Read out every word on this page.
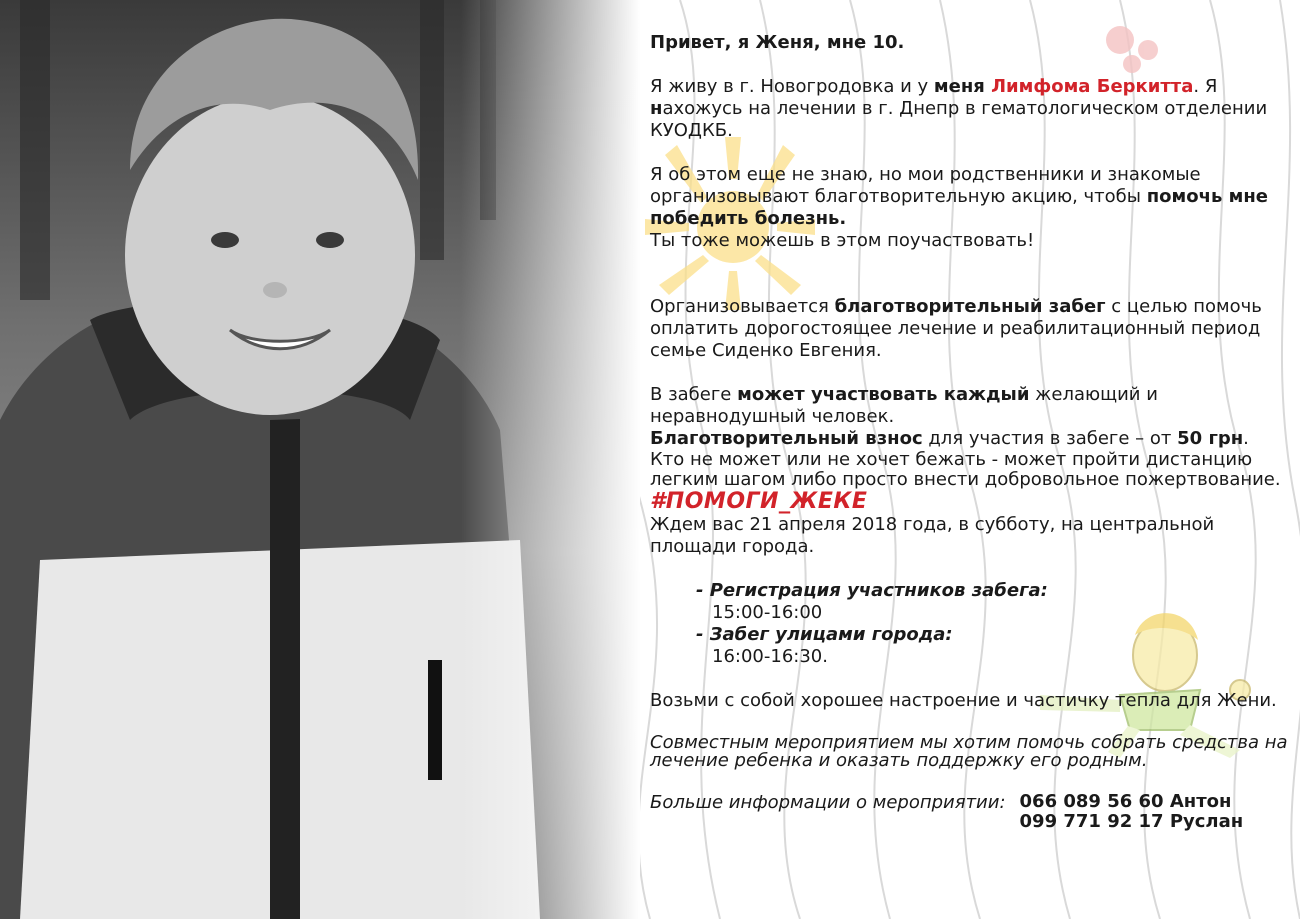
Привет, я Женя, мне 10.

Я живу в г. Новогродовка и у меня Лимфома Беркитта. Я нахожусь на лечении в г. Днепр в гематологическом отделении КУОДКБ.

Я об этом еще не знаю, но мои родственники и знакомые организовывают благотворительную акцию, чтобы помочь мне победить болезнь.

Ты тоже можешь в этом поучаствовать!

Организовывается благотворительный забег с целью помочь оплатить дорогостоящее лечение и реабилитационный период семье Сиденко Евгения.

В забеге может участвовать каждый желающий и неравнодушный человек.

Благотворительный взнос для участия в забеге – от 50 грн.

Кто не может или не хочет бежать - может пройти дистанцию легким шагом либо просто внести добровольное пожертвование.

#ПОМОГИ_ЖЕКЕ

Ждем вас 21 апреля 2018 года, в субботу, на центральной площади города.

- Регистрация участников забега:

15:00-16:00

- Забег улицами города:

16:00-16:30.

Возьми с собой хорошее настроение и частичку тепла для Жени.

Совместным мероприятием мы хотим помочь собрать средства на лечение ребенка и оказать поддержку его родным.

Больше информации о мероприятии: 066 089 56 60 Антон
099 771 92 17 Руслан
